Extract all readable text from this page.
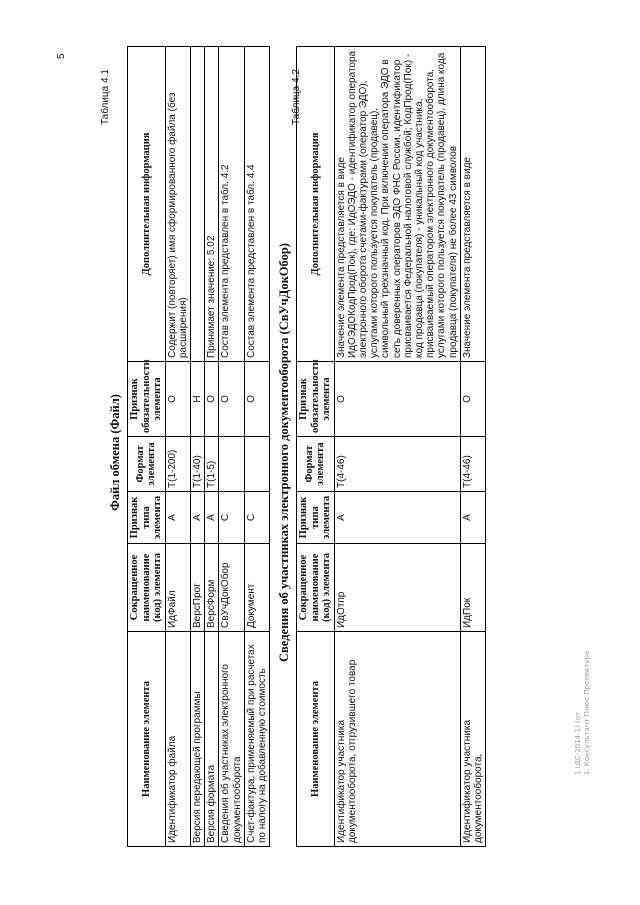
5
Таблица 4.1
Файл обмена (Файл)
Наименование элемента	Сокращенное наименование (код) элемента	Признак типа элемента	Формат элемента	Признак обязательности элемента	Дополнительная информация
Идентификатор файла	ИдФайл	А	Т(1-200)	О	Содержит (повторяет) имя сформированного файла (без расширения)
Версия передающей программы	ВерсПрог	А	Т(1-40)	Н	
Версия формата	ВерсФорм	А	Т(1-5)	О	Принимает значение: 5.02
Сведения об участниках электронного документооборота	СвУчДокОбор	С		О	Состав элемента представлен в табл. 4.2
Счет-фактура, применяемый при расчетах по налогу на добавленную стоимость	Документ	С		О	Состав элемента представлен в табл. 4.4
Таблица 4.2
Сведения об участниках электронного документооборота (СвУчДокОбор)
Наименование элемента	Сокращенное наименование (код) элемента	Признак типа элемента	Формат элемента	Признак обязательности элемента	Дополнительная информация
Идентификатор участника документооборота, отгрузившего товар	ИдОтпр	А	Т(4-46)	О	Значение элемента представляется в виде ИдОЭДОКодПрод(Пок), где: ИдОЭДО - идентификатор оператора электронного оборота счетами-фактурами (оператор ЭДО), услугами которого пользуется покупатель (продавец), символьный трехзначный код. При включении оператора ЭДО в сеть доверенных операторов ЭДО ФНС России, идентификатор присваивается Федеральной налоговой службой; КодПрод(Пок) - код продавца (покупателя) - уникальный код участника, присваиваемый оператором электронного документооборота, услугами которого пользуется покупатель (продавец), длина кода продавца (покупателя) не более 43 символов
Идентификатор участника документооборота,	ИдПок	А	Т(4-46)	О	Значение элемента представляется в виде
1 (ДС-2014-1) (от 1. Консультант Плюс Пролектура
